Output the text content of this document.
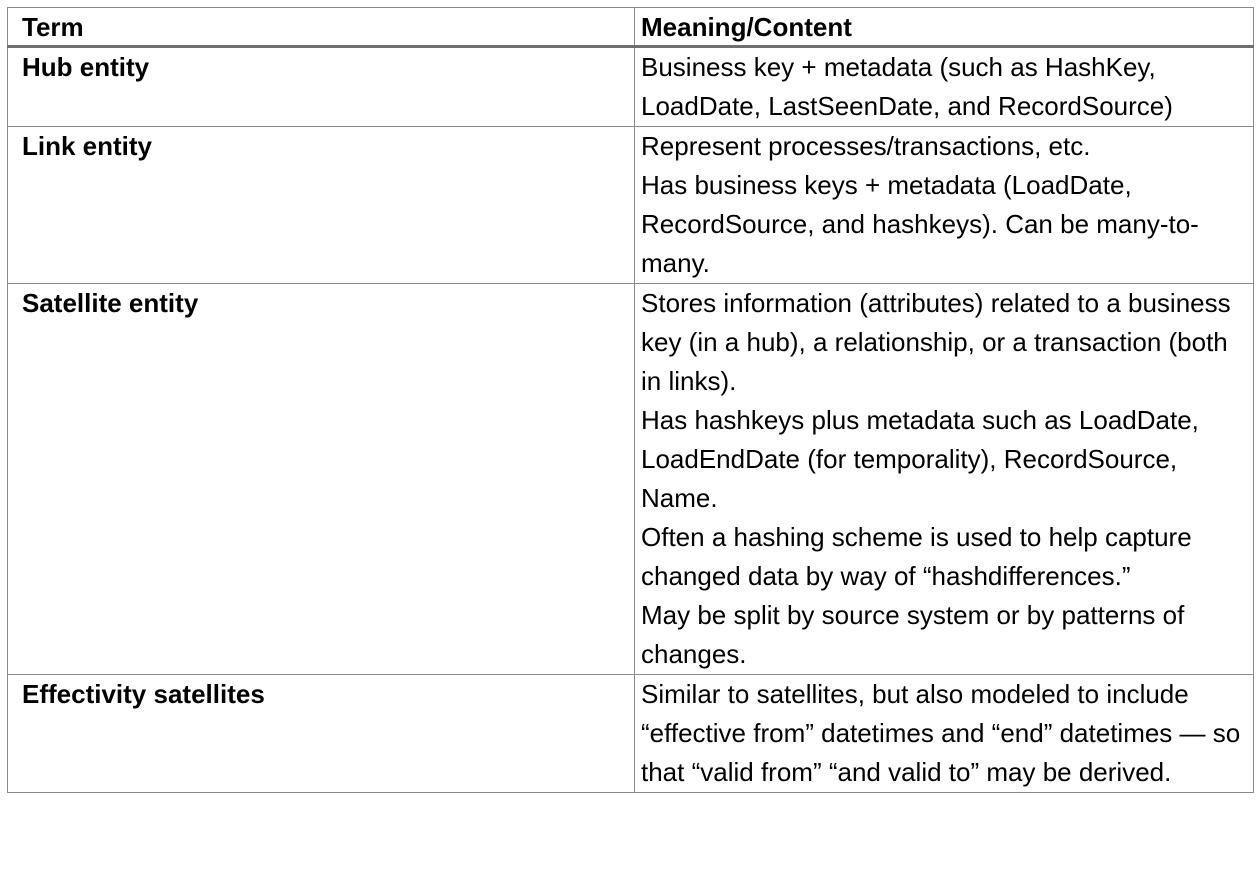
Term	Meaning/Content
Hub entity	Business key + metadata (such as HashKey, LoadDate, LastSeenDate, and RecordSource)

Link entity	Represent processes/transactions, etc.
Has business keys + metadata (LoadDate, RecordSource, and hashkeys). Can be many-to-many.

Satellite entity	Stores information (attributes) related to a business key (in a hub), a relationship, or a transaction (both in links).
Has hashkeys plus metadata such as LoadDate, LoadEndDate (for temporality), RecordSource, Name.
Often a hashing scheme is used to help capture changed data by way of “hashdifferences.”
May be split by source system or by patterns of changes.

Effectivity satellites	Similar to satellites, but also modeled to include “effective from” datetimes and “end” datetimes — so that “valid from” “and valid to” may be derived.
